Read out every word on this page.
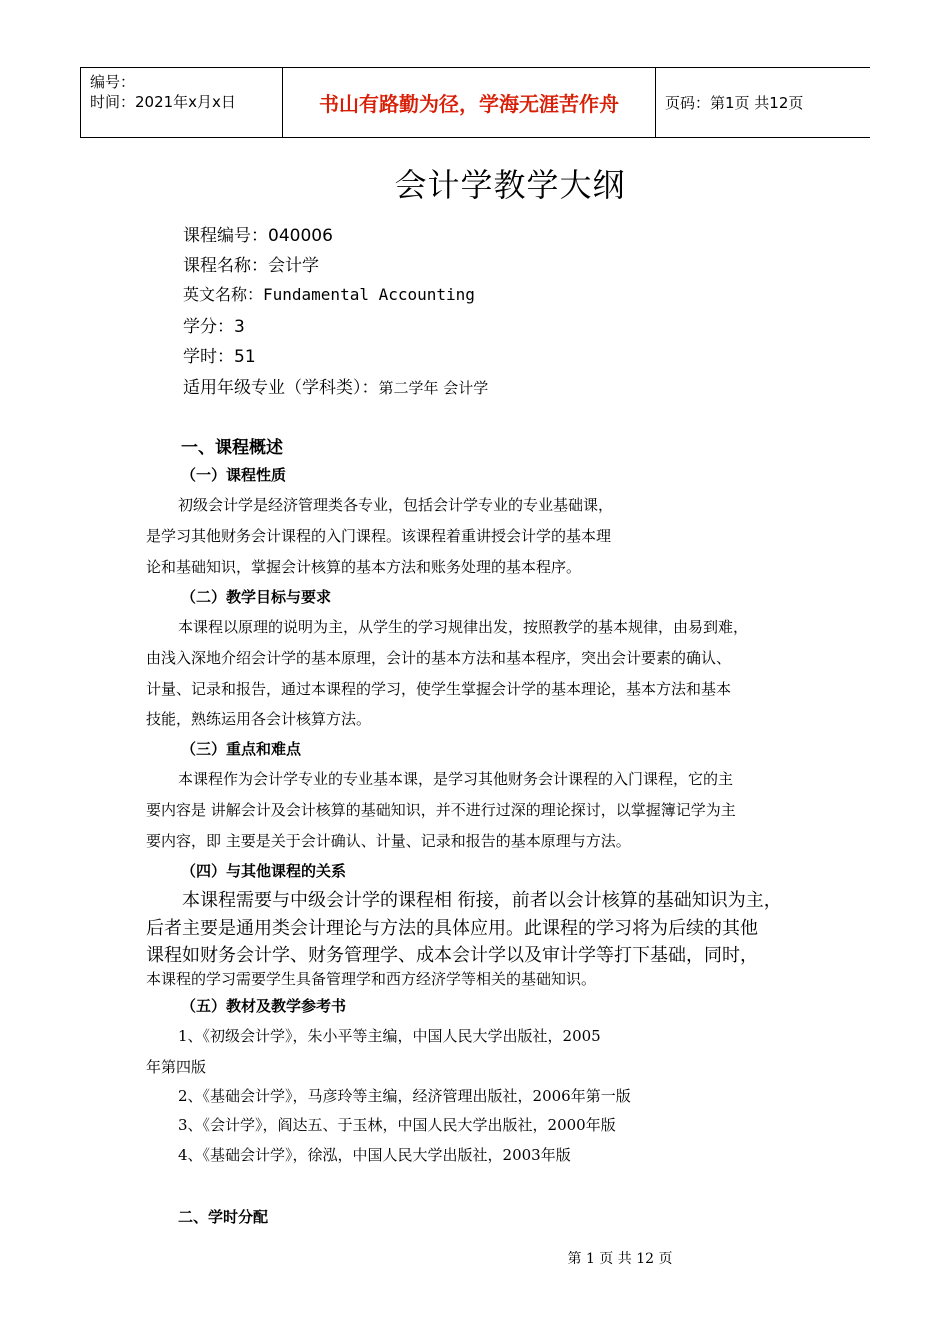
编号：
时间：2021年x月x日	书山有路勤为径，学海无涯苦作舟	页码：第1页 共12页
会计学教学大纲
课程编号：040006
课程名称：会计学
英文名称：Fundamental Accounting
学分：3
学时：51
适用年级专业（学科类）：第二学年 会计学
一、课程概述
（一）课程性质
初级会计学是经济管理类各专业，包括会计学专业的专业基础课，
是学习其他财务会计课程的入门课程。该课程着重讲授会计学的基本理
论和基础知识，掌握会计核算的基本方法和账务处理的基本程序。
（二）教学目标与要求
本课程以原理的说明为主，从学生的学习规律出发，按照教学的基本规律，由易到难，
由浅入深地介绍会计学的基本原理，会计的基本方法和基本程序，突出会计要素的确认、
计量、记录和报告，通过本课程的学习，使学生掌握会计学的基本理论，基本方法和基本
技能，熟练运用各会计核算方法。
（三）重点和难点
本课程作为会计学专业的专业基本课，是学习其他财务会计课程的入门课程，它的主
要内容是 讲解会计及会计核算的基础知识，并不进行过深的理论探讨，以掌握簿记学为主
要内容，即 主要是关于会计确认、计量、记录和报告的基本原理与方法。
（四）与其他课程的关系
本课程需要与中级会计学的课程相 衔接，前者以会计核算的基础知识为主，
后者主要是通用类会计理论与方法的具体应用。此课程的学习将为后续的其他
课程如财务会计学、财务管理学、成本会计学以及审计学等打下基础，同时，
本课程的学习需要学生具备管理学和西方经济学等相关的基础知识。
（五）教材及教学参考书
1、《初级会计学》，朱小平等主编，中国人民大学出版社，2005
年第四版
2、《基础会计学》，马彦玲等主编，经济管理出版社，2006年第一版
3、《会计学》，阎达五、于玉林，中国人民大学出版社，2000年版
4、《基础会计学》，徐泓，中国人民大学出版社，2003年版
二、学时分配
第 1 页 共 12 页
